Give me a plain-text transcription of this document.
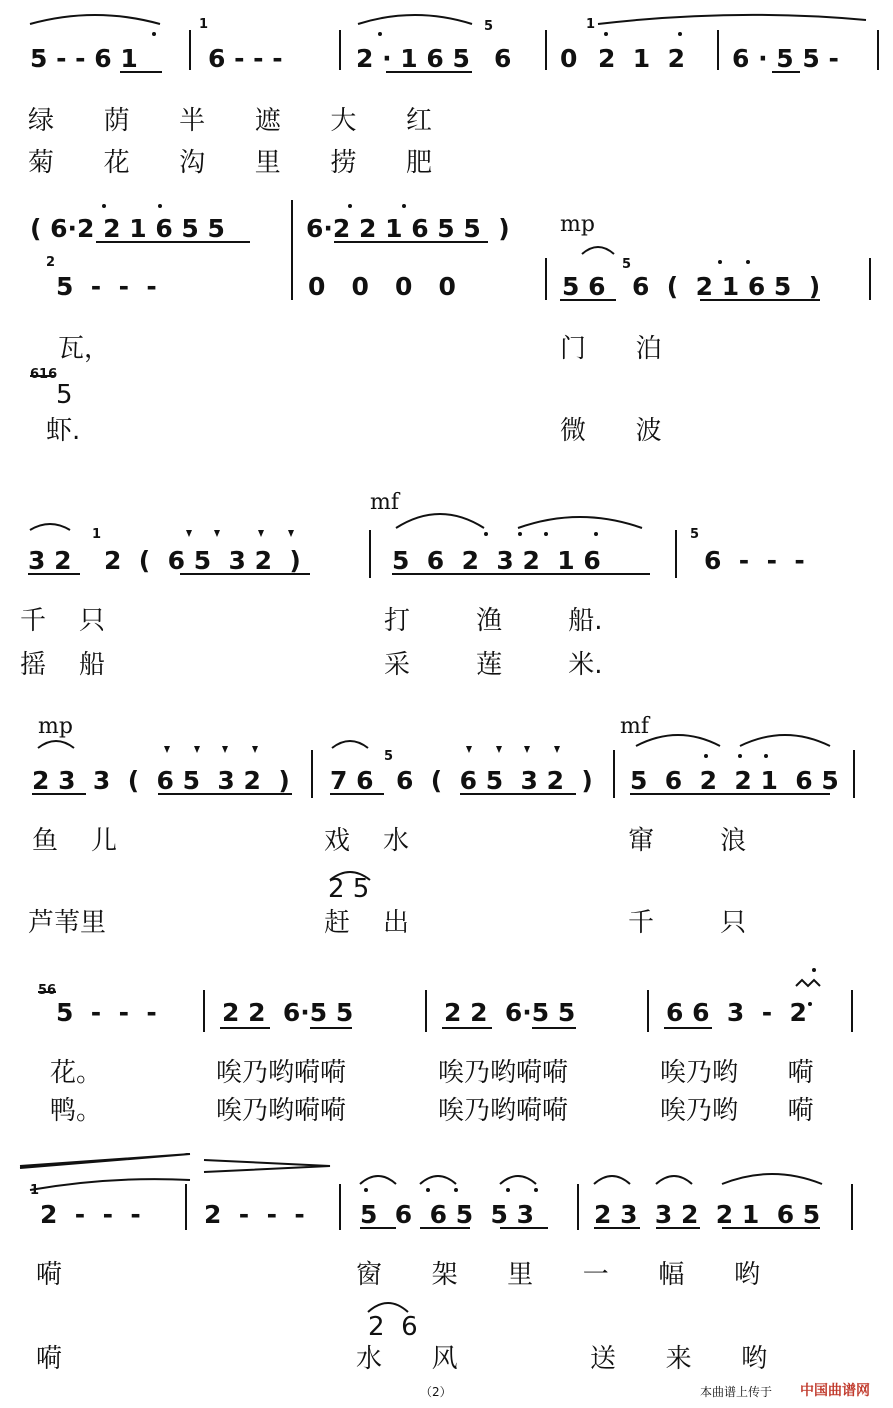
5 - - 6 1	6 - - -	2 · 1 6 5 6 0 2  1  2 6 · 5 5 -
1	5	1
绿      荫      半      遮      大      红
菊      花      沟      里      捞      肥
( 6·2 2 1 6 5 5	6·2 2 1 6 5 5  )
5  -  -  -	0   0   0   0	5 6 6  (  2 1 6 5  )
2	5
616
mp
瓦，	门      泊
5
虾.	微      波
3 2 2  (  6 5  3 2  )	5  6  2  3 2  1 6	6  -  -  -
1	5
mf
千    只	打        渔        船.
摇    船	采        莲        米.
2 3  3  (  6 5  3 2  ) 7 6 6  (  6 5  3 2  ) 5  6  2  2 1  6 5
5
mp	mf
鱼    儿	戏    水	窜        浪
2 5
芦苇里	赶    出	千        只
5  -  -  -	2 2  6·5 5	2 2  6·5 5	6 6  3  -  2
56
花。	唉乃哟嗬嗬	唉乃哟嗬嗬	唉乃哟      嗬
鸭。	唉乃哟嗬嗬	唉乃哟嗬嗬	唉乃哟      嗬
2  -  -  -	2  -  -  - 5  6  6 5  5 3 2 3  3 2  2 1  6 5
1
嗬	窗      架      里      一      幅      哟
2  6
嗬	水      风	送      来      哟
（2）	本曲谱上传于 中国曲谱网
